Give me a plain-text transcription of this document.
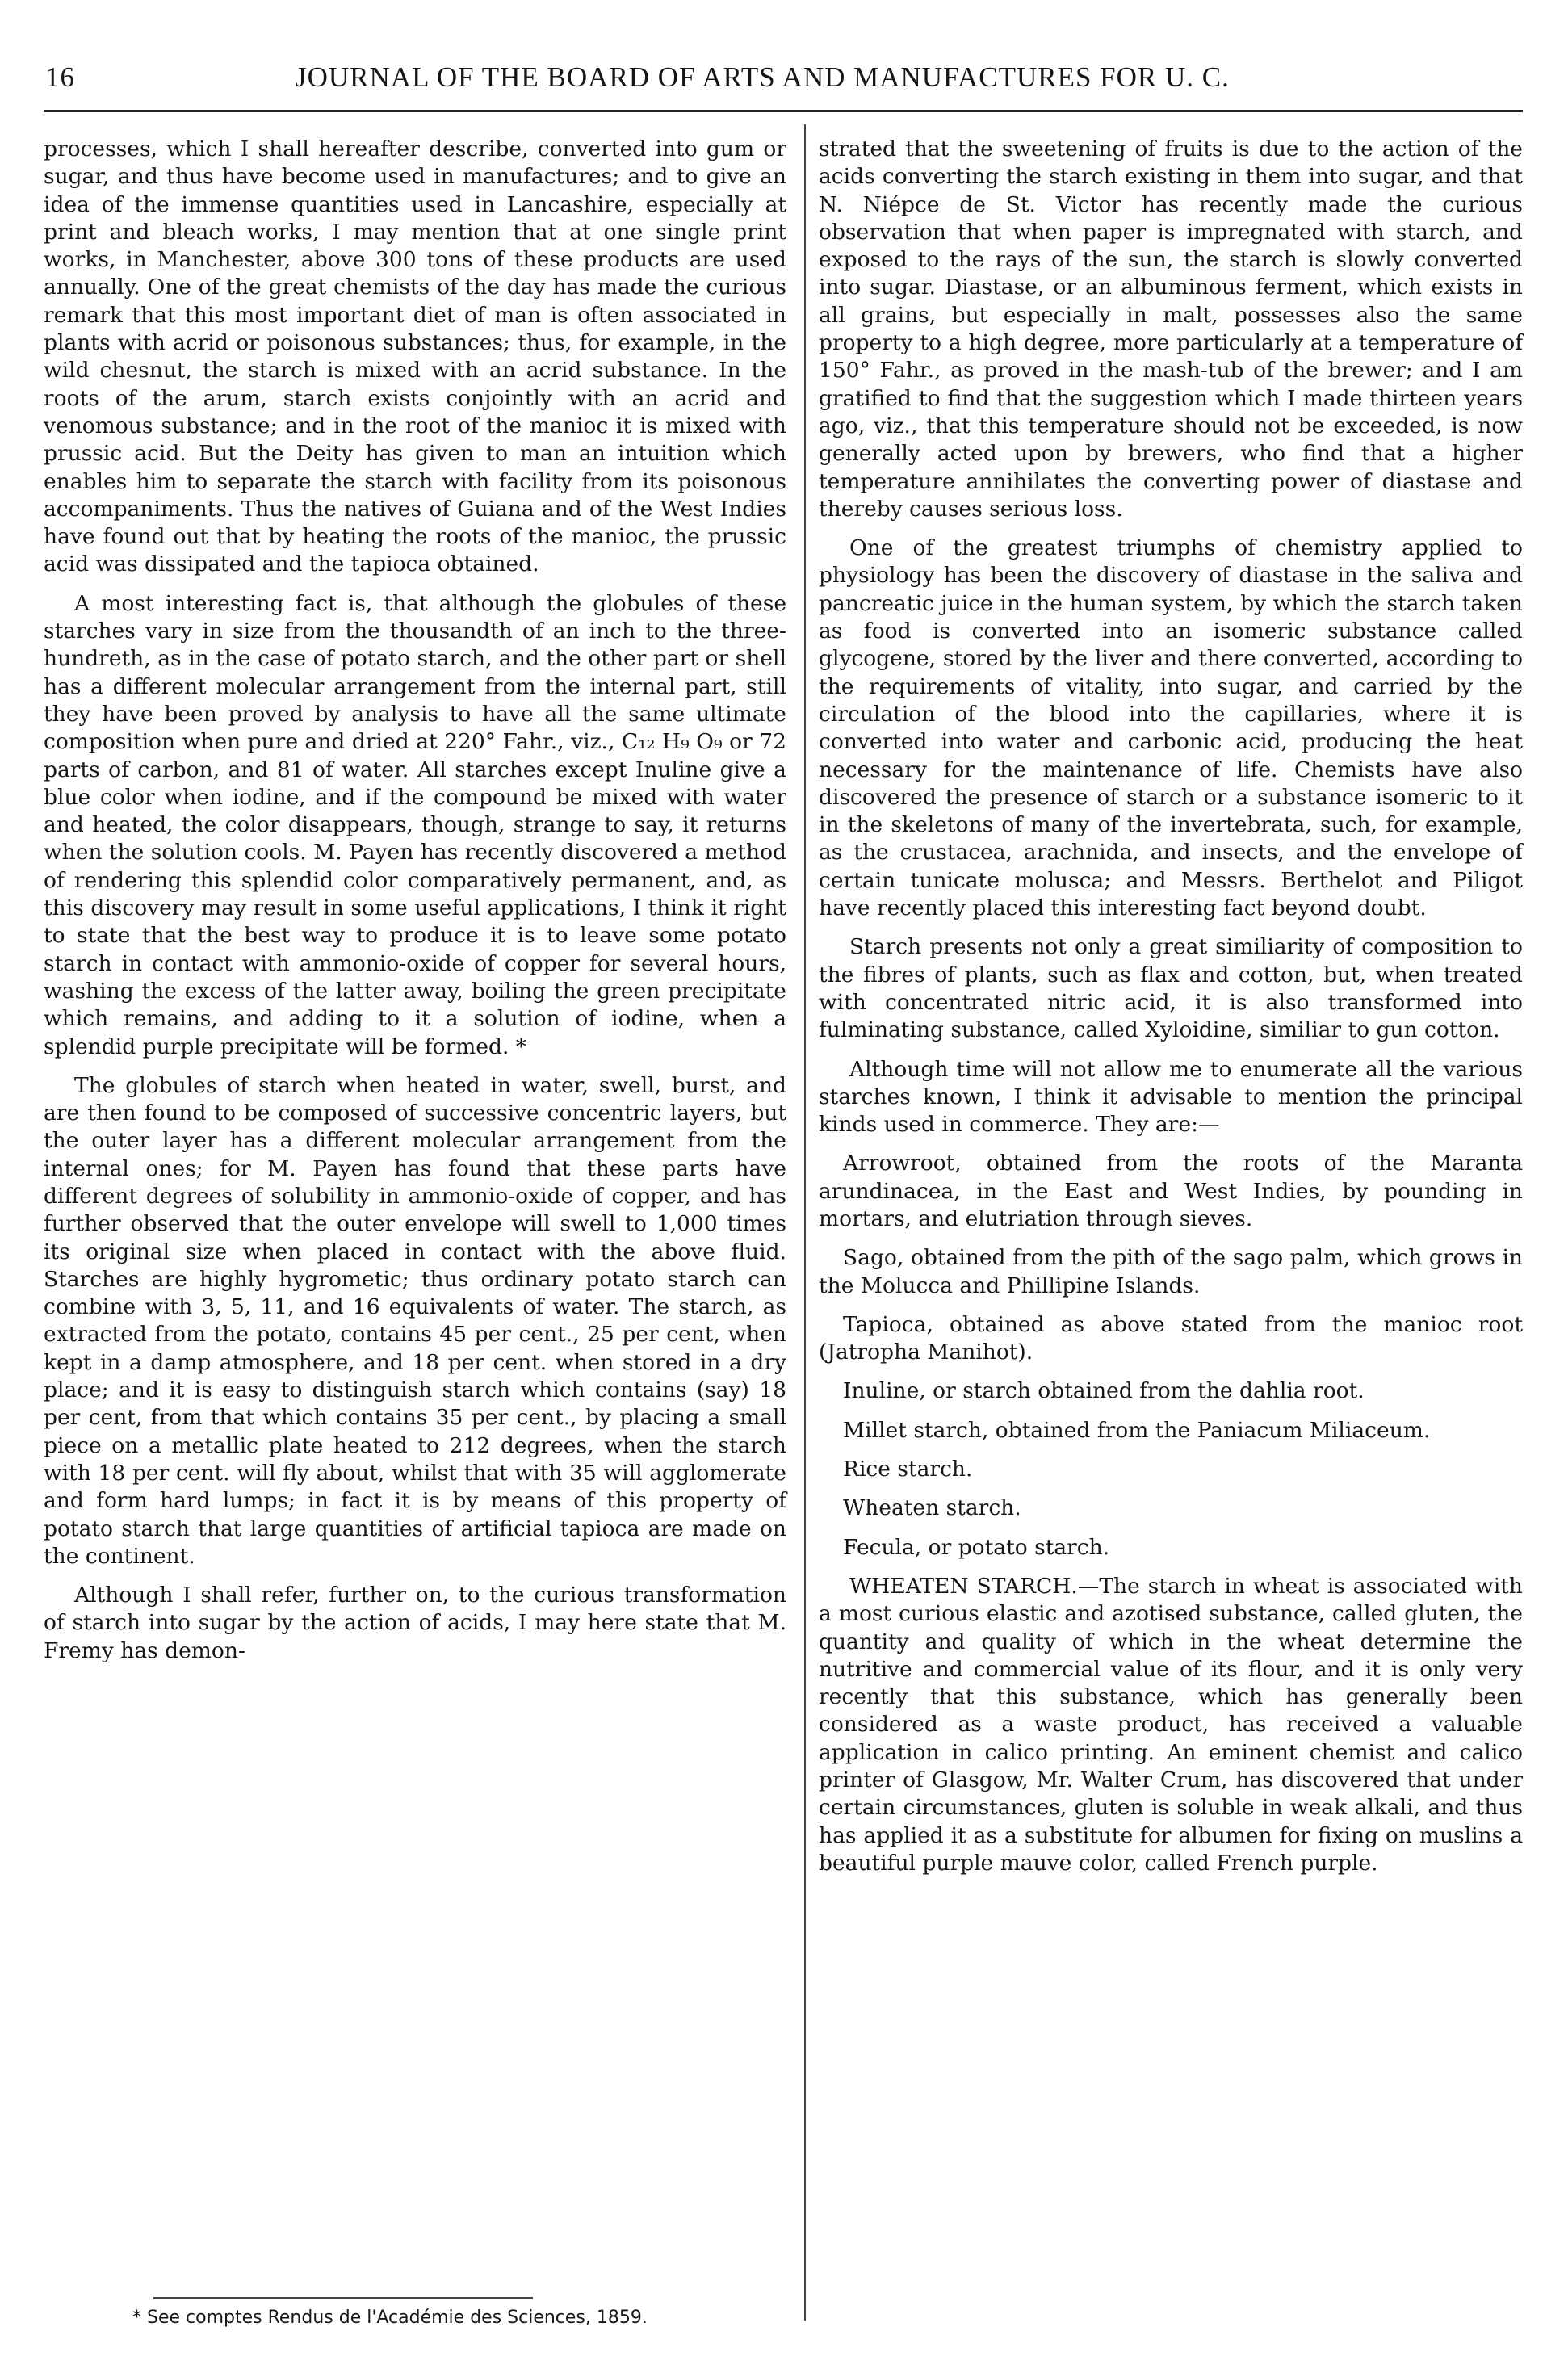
16	JOURNAL OF THE BOARD OF ARTS AND MANUFACTURES FOR U. C.

processes, which I shall hereafter describe, converted into gum or sugar, and thus have become used in manufactures; and to give an idea of the immense quantities used in Lancashire, especially at print and bleach works, I may mention that at one single print works, in Manchester, above 300 tons of these products are used annually. One of the great chemists of the day has made the curious remark that this most important diet of man is often associated in plants with acrid or poisonous substances; thus, for example, in the wild chesnut, the starch is mixed with an acrid substance. In the roots of the arum, starch exists conjointly with an acrid and venomous substance; and in the root of the manioc it is mixed with prussic acid. But the Deity has given to man an intuition which enables him to separate the starch with facility from its poisonous accompaniments. Thus the natives of Guiana and of the West Indies have found out that by heating the roots of the manioc, the prussic acid was dissipated and the tapioca obtained.

A most interesting fact is, that although the globules of these starches vary in size from the thousandth of an inch to the three-hundreth, as in the case of potato starch, and the other part or shell has a different molecular arrangement from the internal part, still they have been proved by analysis to have all the same ultimate composition when pure and dried at 220° Fahr., viz., C₁₂ H₉ O₉ or 72 parts of carbon, and 81 of water. All starches except Inuline give a blue color when iodine, and if the compound be mixed with water and heated, the color disappears, though, strange to say, it returns when the solution cools. M. Payen has recently discovered a method of rendering this splendid color comparatively permanent, and, as this discovery may result in some useful applications, I think it right to state that the best way to produce it is to leave some potato starch in contact with ammonio-oxide of copper for several hours, washing the excess of the latter away, boiling the green precipitate which remains, and adding to it a solution of iodine, when a splendid purple precipitate will be formed. *

The globules of starch when heated in water, swell, burst, and are then found to be composed of successive concentric layers, but the outer layer has a different molecular arrangement from the internal ones; for M. Payen has found that these parts have different degrees of solubility in ammonio-oxide of copper, and has further observed that the outer envelope will swell to 1,000 times its original size when placed in contact with the above fluid. Starches are highly hygrometic; thus ordinary potato starch can combine with 3, 5, 11, and 16 equivalents of water. The starch, as extracted from the potato, contains 45 per cent., 25 per cent, when kept in a damp atmosphere, and 18 per cent. when stored in a dry place; and it is easy to distinguish starch which contains (say) 18 per cent, from that which contains 35 per cent., by placing a small piece on a metallic plate heated to 212 degrees, when the starch with 18 per cent. will fly about, whilst that with 35 will agglomerate and form hard lumps; in fact it is by means of this property of potato starch that large quantities of artificial tapioca are made on the continent.

Although I shall refer, further on, to the curious transformation of starch into sugar by the action of acids, I may here state that M. Fremy has demon-

strated that the sweetening of fruits is due to the action of the acids converting the starch existing in them into sugar, and that N. Niépce de St. Victor has recently made the curious observation that when paper is impregnated with starch, and exposed to the rays of the sun, the starch is slowly converted into sugar. Diastase, or an albuminous ferment, which exists in all grains, but especially in malt, possesses also the same property to a high degree, more particularly at a temperature of 150° Fahr., as proved in the mash-tub of the brewer; and I am gratified to find that the suggestion which I made thirteen years ago, viz., that this temperature should not be exceeded, is now generally acted upon by brewers, who find that a higher temperature annihilates the converting power of diastase and thereby causes serious loss.

One of the greatest triumphs of chemistry applied to physiology has been the discovery of diastase in the saliva and pancreatic juice in the human system, by which the starch taken as food is converted into an isomeric substance called glycogene, stored by the liver and there converted, according to the requirements of vitality, into sugar, and carried by the circulation of the blood into the capillaries, where it is converted into water and carbonic acid, producing the heat necessary for the maintenance of life. Chemists have also discovered the presence of starch or a substance isomeric to it in the skeletons of many of the invertebrata, such, for example, as the crustacea, arachnida, and insects, and the envelope of certain tunicate molusca; and Messrs. Berthelot and Piligot have recently placed this interesting fact beyond doubt.

Starch presents not only a great similiarity of composition to the fibres of plants, such as flax and cotton, but, when treated with concentrated nitric acid, it is also transformed into fulminating substance, called Xyloidine, similiar to gun cotton.

Although time will not allow me to enumerate all the various starches known, I think it advisable to mention the principal kinds used in commerce. They are:—

Arrowroot, obtained from the roots of the Maranta arundinacea, in the East and West Indies, by pounding in mortars, and elutriation through sieves.

Sago, obtained from the pith of the sago palm, which grows in the Molucca and Phillipine Islands.

Tapioca, obtained as above stated from the manioc root (Jatropha Manihot).

Inuline, or starch obtained from the dahlia root.

Millet starch, obtained from the Paniacum Miliaceum.

Rice starch.

Wheaten starch.

Fecula, or potato starch.

WHEATEN STARCH.—The starch in wheat is associated with a most curious elastic and azotised substance, called gluten, the quantity and quality of which in the wheat determine the nutritive and commercial value of its flour, and it is only very recently that this substance, which has generally been considered as a waste product, has received a valuable application in calico printing. An eminent chemist and calico printer of Glasgow, Mr. Walter Crum, has discovered that under certain circumstances, gluten is soluble in weak alkali, and thus has applied it as a substitute for albumen for fixing on muslins a beautiful purple mauve color, called French purple.

* See comptes Rendus de l'Académie des Sciences, 1859.
